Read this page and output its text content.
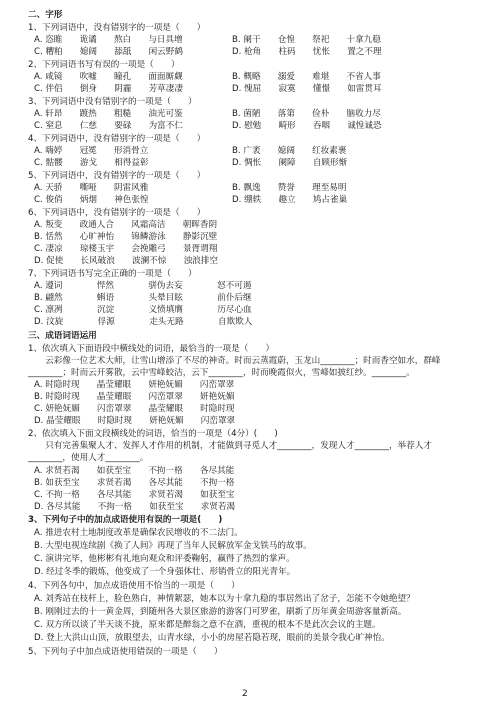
二、字形
1、下列词语中，没有错别字的一项是（　　）
A. 恣睢　　诡谲　　熬白　　与日具增	B. 阑干　　仓惶　　祭祀　　十拿九稳
C. 糟粕　　媳阔　　舔舐　　闲云野鹤	D. 枪角　　柱码　　忧怅　　置之不理
2、下列词语书写有误的一项是（　　）
A. 咸镜　　吹嘘　　瞳孔　　面面厮觑	B. 概略　　溺爱　　难堪　　不省人事
C. 伴侣　　倒身　　阴霾　　芳草凄凄	D. 愧屈　　寂寞　　懂憬　　如雷贯耳
3、下列词语中没有错别字的一项是（　　）
A. 轩昂　　踱热　　粗糙　　油光可鉴	B. 菌陋　　落第　　俭朴　　脑收力尽
C. 窒息　　仁慈　　要碌　　为富不仁	D. 慰勉　　畸形　　吞咽　　诚惶诚恐
4、下列词语中，没有错别字的一项是（　　）
A. 嗨婷　　冠冕　　形消骨立	B. 广袤　　媳阔　　红妆素裹
C. 骷髅　　游戈　　相得益彰	D. 惆怅　　阑障　　自顾形惭
5、下列词语中，没有错别字的一项是（　　）
A. 天骄　　嘶哑　　阴雷风雅	B. 飘逸　　赞誉　　理至易明
C. 俊俏　　炳烟　　神色张惶	D. 绷轶　　趣立　　鸠占雀巢
6、下列词语中，没有错别字的一项是（　　）
A. 叛变　　政通人合　　风霜高洁　　朝晖香阴
B. 恬然　　心旷神怡　　锦鳞游泳　　静影沉壁
C. 凄凉　　琼楼玉宇　　会挽雕弓　　景胥谓翔
D. 促使　　长风破浪　　波澜不惊　　浊浪排空
7、下列词语书写完全正确的一项是（　　）
A. 遵词　　　　悍然　　　　骈伪去妄　　　　怒不可遏
B. 翩然　　　　蝌语　　　　头晕目眩　　　　前仆后继
C. 凛冽　　　　沉淀　　　　义愤填膺　　　　历尽心血
D. 汶旋　　　　俘源　　　　走头无路　　　　自欺欺人
三、成语词语运用
1、依次填入下面语段中横线处的词语，最恰当的一项是（　　）
　　云彩像一位艺术大师，让雪山增添了不尽的神奇。时而云蒸霞蔚，玉龙山________；时而香空如水，群峰
________；时而云开雾散，云中雪峰蛟洁，云下________，时而晚霞似火，雪峰如披红纱。________。
A. 时隐时现　　晶莹耀眼　　妍艳妩媚　　闪峦罩翠
B. 时隐时现　　晶莹耀眼　　闪峦罩翠　　妍艳妩媚
C. 妍艳妩媚　　闪峦罩翠　　晶莹耀眼　　时隐时现
D. 晶莹耀眼　　时隐时现　　妍艳妩媚　　闪峦罩翠
2、依次填入下面文段横线处的词语，恰当的一项是（4分）(　　)
　　只有完善集聚人才、发挥人才作用的机制，才能做到寻觅人才________，发现人才________，举荐人才
________，使用人才________。
A. 求贤若渴　　如获至宝　　不拘一格　　各尽其能
B. 如获至宝　　求贤若渴　　各尽其能　　不拘一格
C. 不拘一格　　各尽其能　　求贤若渴　　如获至宝
D. 各尽其能　　不拘一格　　如获至宝　　求贤若渴
3、下列句子中的加点成语使用有误的一项是(　　)
A. 推进农村土地制度改革是确保农民增收的不二法门。
B. 大型电视连续剧《换了人间》再现了当年人民解放军金戈铁马的故事。
C. 演讲完毕，他彬彬有礼地向观众和评委鞠躬，赢得了热烈的掌声。
D. 经过冬季的锻炼，他变成了一个身强体壮、形销骨立的阳光青年。
4、下列各句中，加点成语使用不恰当的一项是（　　）
A. 刘秀站在枝杆上，脸色熟白，神情絮瑟，她本以为十拿九稳的事居然出了岔子，怎能不令她绝望？
B. 刚刚过去的十一黄金周，到随州各大景区旅游的游客门可罗雀，刷新了历年黄金周游客量新高。
C. 双方所以谈了半天谈不拢，原来都是醉翁之意不在酒，重视的根本不是此次会议的主题。
D. 登上大洪山山顶，放眼望去，山青水绿，小小的房屋若隐若现，眼前的美景令我心旷神怡。
5、下列句子中加点成语使用错误的一项是（　　）
2
